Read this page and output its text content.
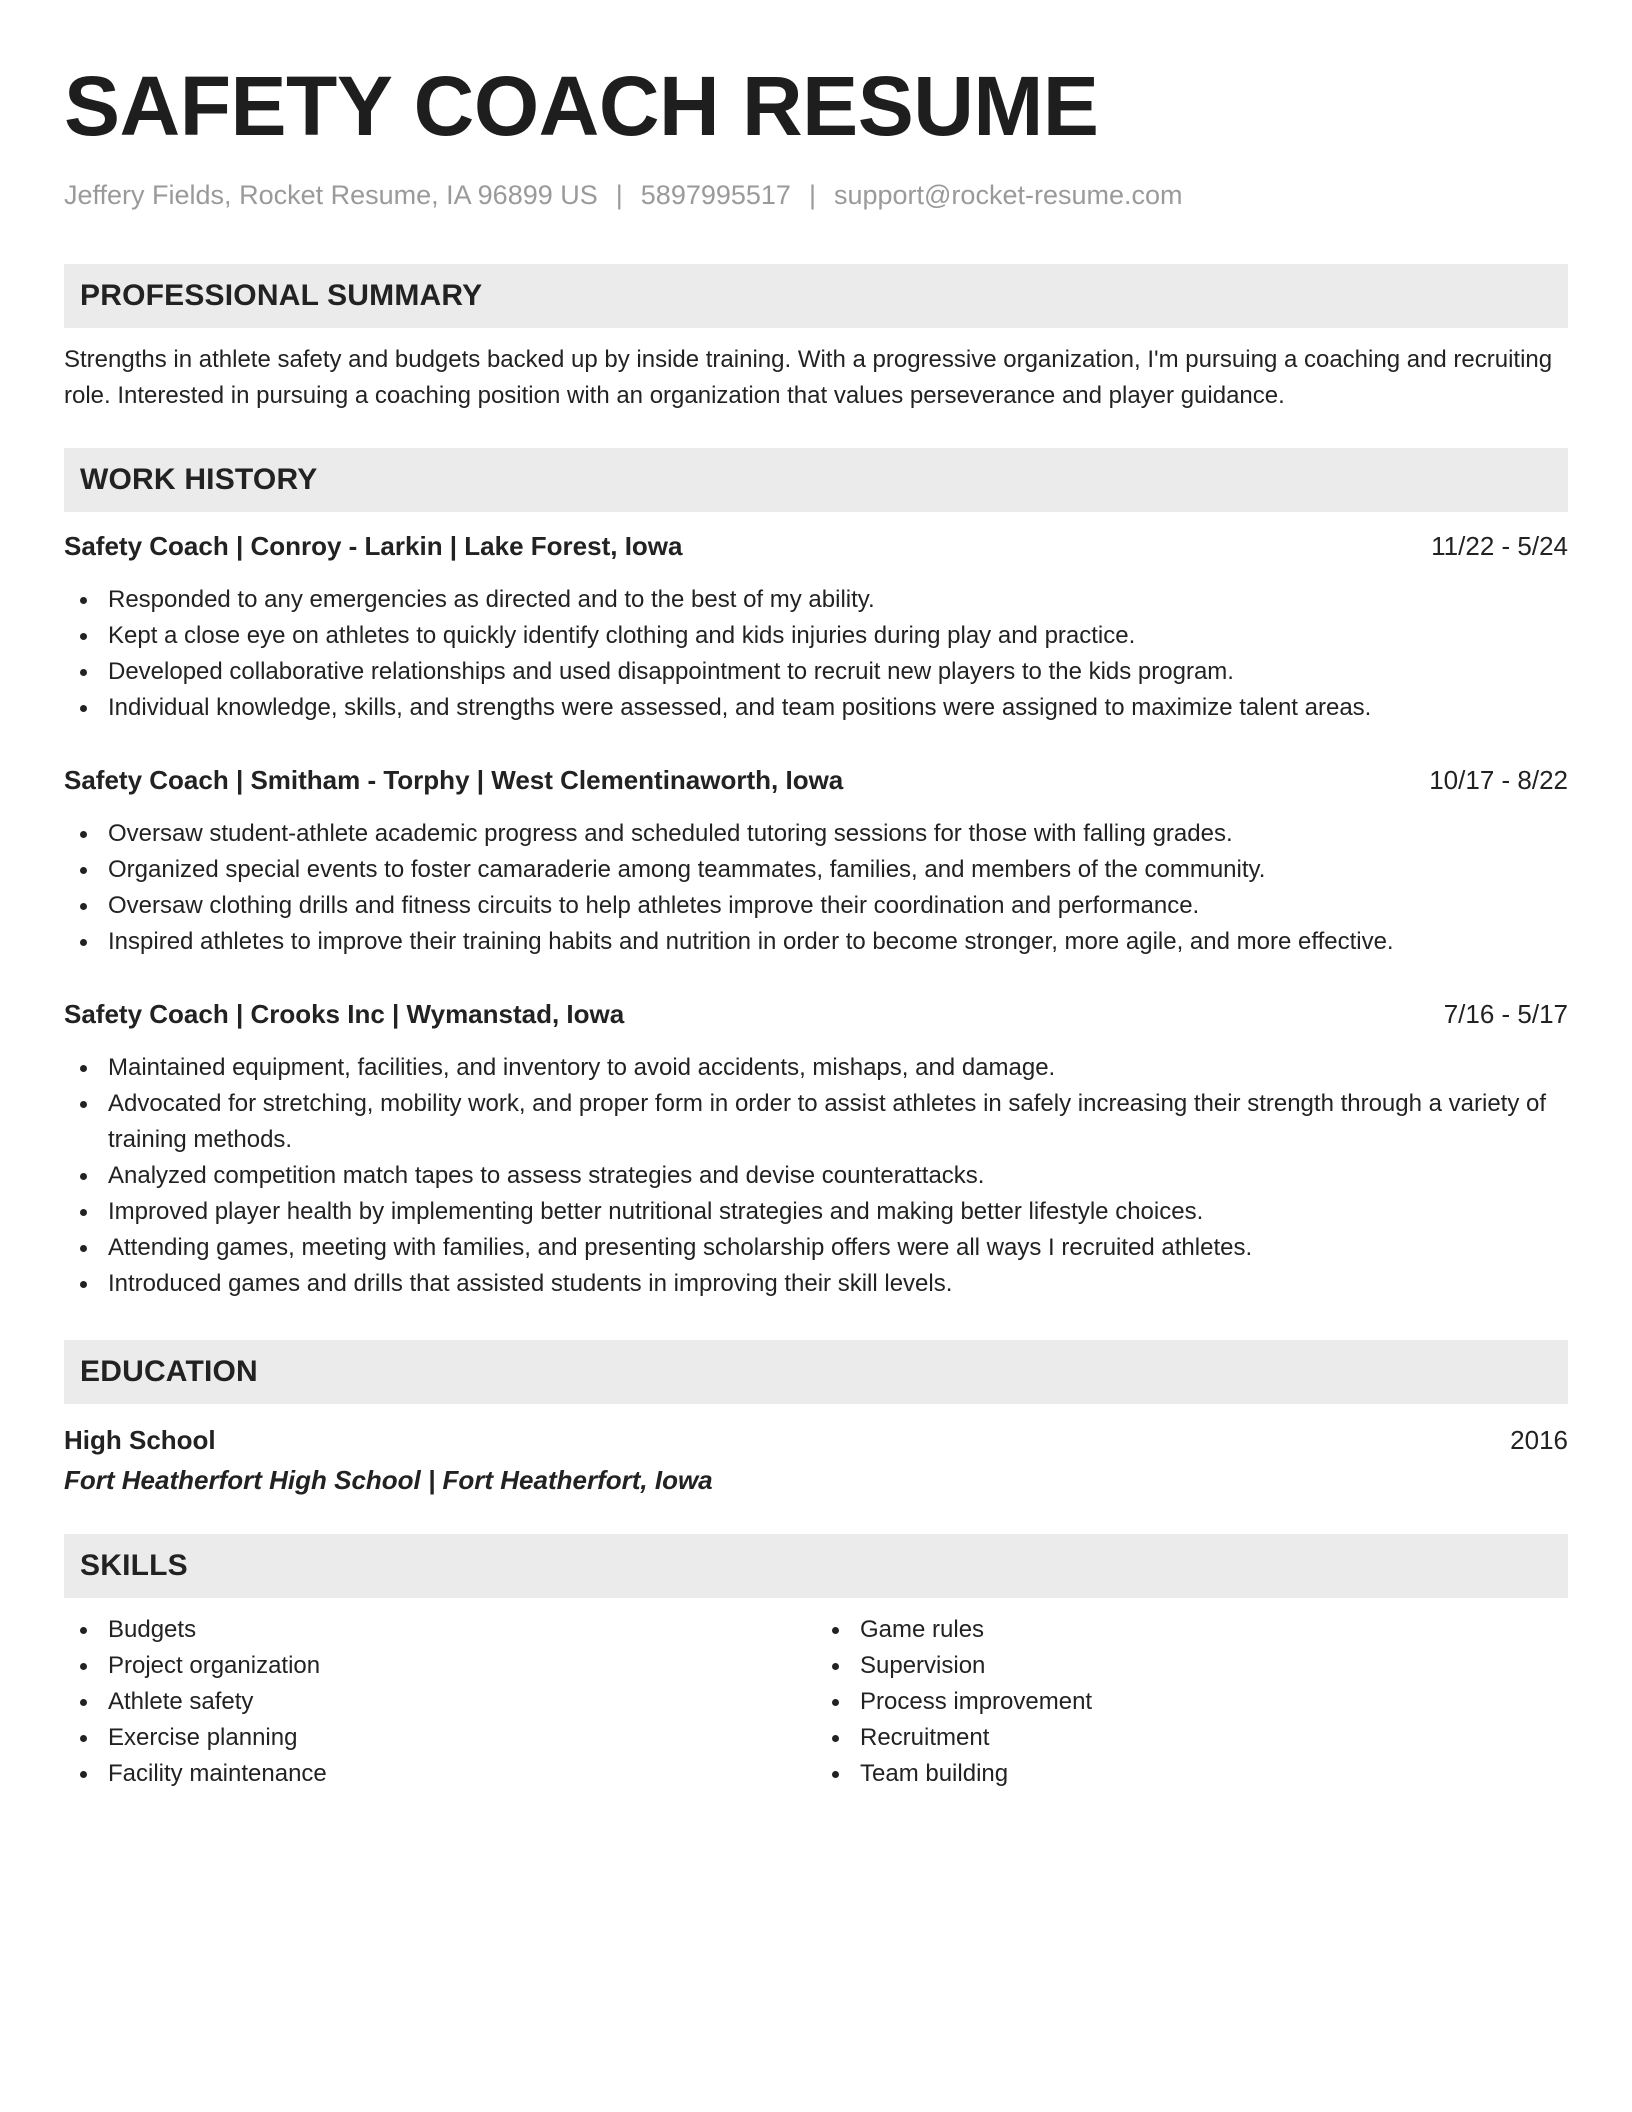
SAFETY COACH RESUME
Jeffery Fields, Rocket Resume, IA 96899 US | 5897995517 | support@rocket-resume.com
PROFESSIONAL SUMMARY

Strengths in athlete safety and budgets backed up by inside training. With a progressive organization, I'm pursuing a coaching and recruiting role. Interested in pursuing a coaching position with an organization that values perseverance and player guidance.

WORK HISTORY
Safety Coach | Conroy - Larkin | Lake Forest, Iowa	11/22 - 5/24
Responded to any emergencies as directed and to the best of my ability.
Kept a close eye on athletes to quickly identify clothing and kids injuries during play and practice.
Developed collaborative relationships and used disappointment to recruit new players to the kids program.
Individual knowledge, skills, and strengths were assessed, and team positions were assigned to maximize talent areas.
Safety Coach | Smitham - Torphy | West Clementinaworth, Iowa	10/17 - 8/22
Oversaw student-athlete academic progress and scheduled tutoring sessions for those with falling grades.
Organized special events to foster camaraderie among teammates, families, and members of the community.
Oversaw clothing drills and fitness circuits to help athletes improve their coordination and performance.
Inspired athletes to improve their training habits and nutrition in order to become stronger, more agile, and more effective.
Safety Coach | Crooks Inc | Wymanstad, Iowa	7/16 - 5/17
Maintained equipment, facilities, and inventory to avoid accidents, mishaps, and damage.
Advocated for stretching, mobility work, and proper form in order to assist athletes in safely increasing their strength through a variety of training methods.
Analyzed competition match tapes to assess strategies and devise counterattacks.
Improved player health by implementing better nutritional strategies and making better lifestyle choices.
Attending games, meeting with families, and presenting scholarship offers were all ways I recruited athletes.
Introduced games and drills that assisted students in improving their skill levels.
EDUCATION
High School	2016
Fort Heatherfort High School | Fort Heatherfort, Iowa
SKILLS
Budgets
Project organization
Athlete safety
Exercise planning
Facility maintenance
Game rules
Supervision
Process improvement
Recruitment
Team building
